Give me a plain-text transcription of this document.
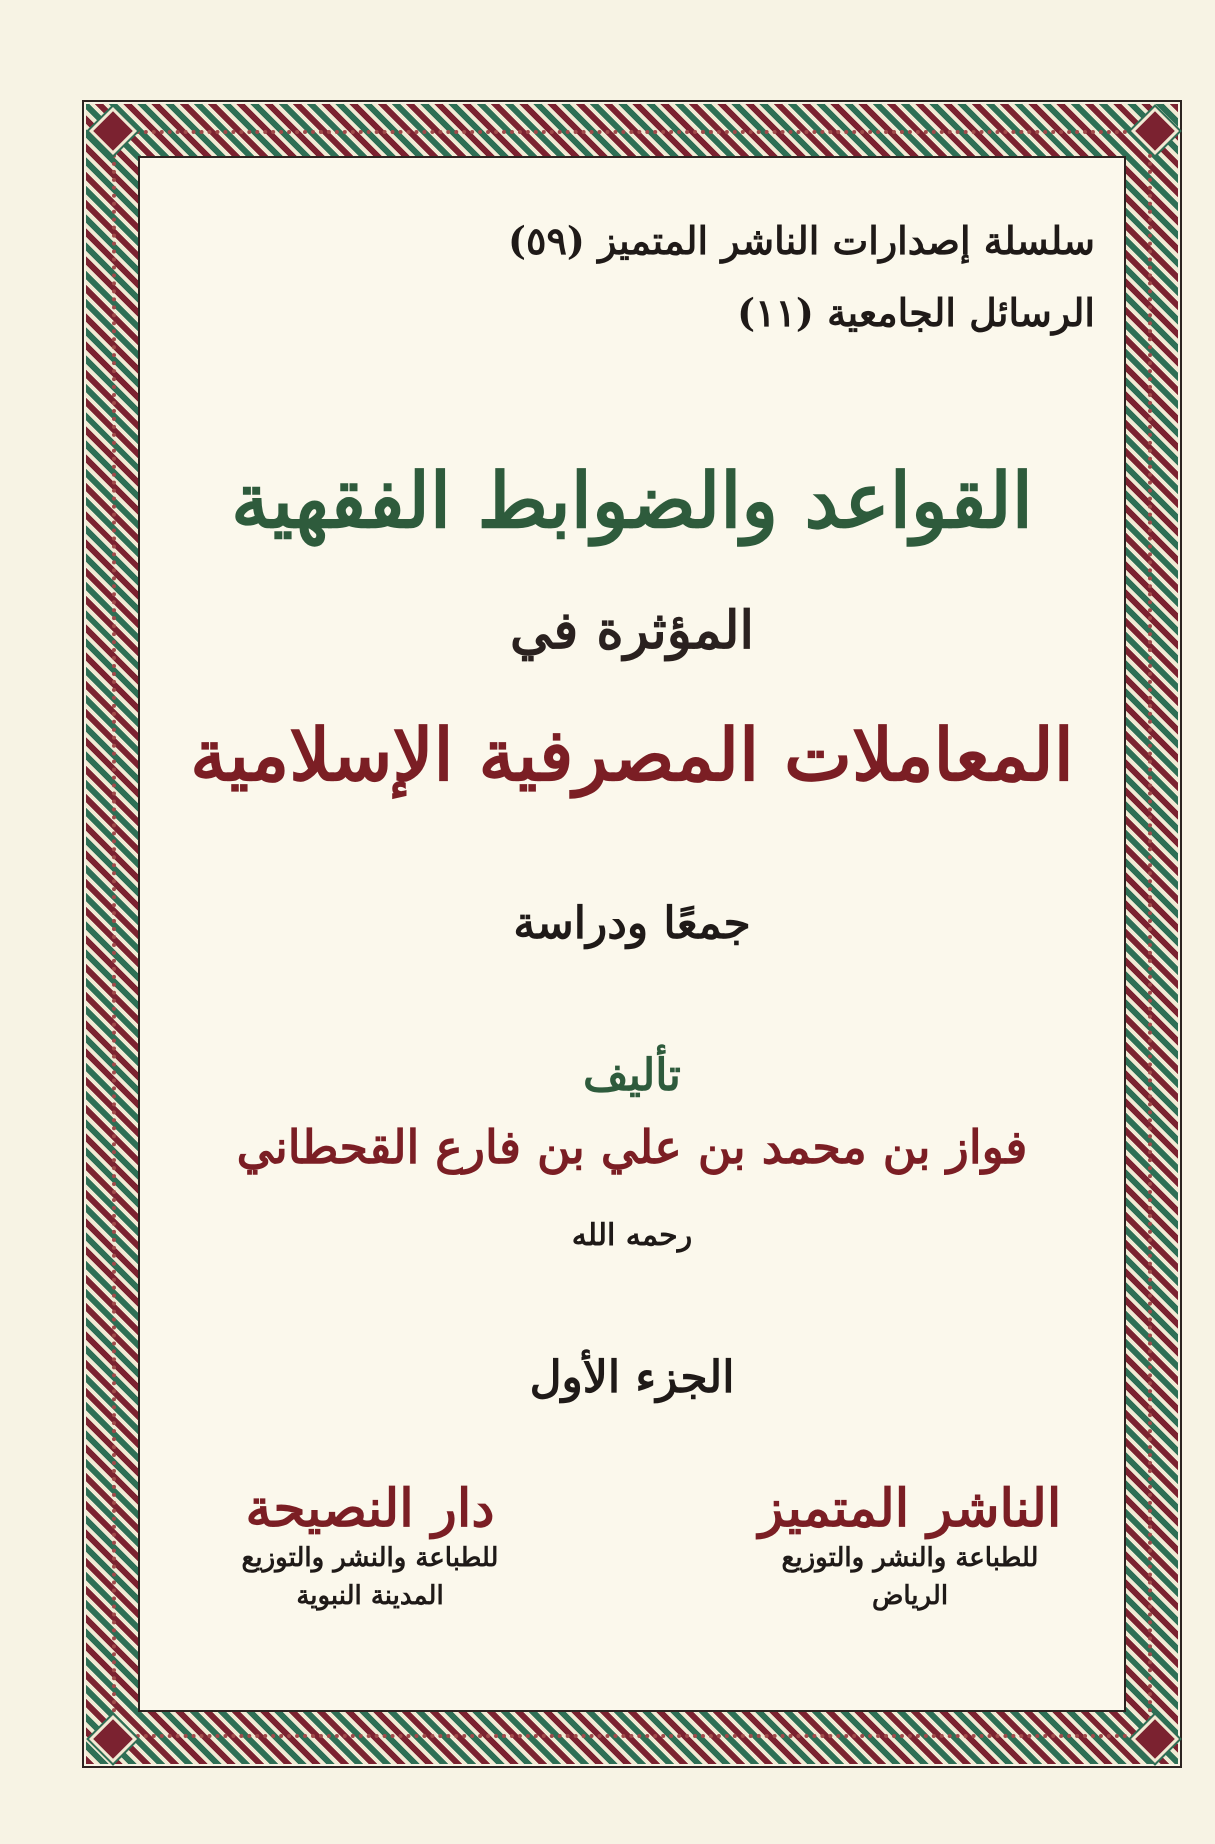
سلسلة إصدارات الناشر المتميز (٥٩)
الرسائل الجامعية (١١)
القواعد والضوابط الفقهية
المؤثرة في
المعاملات المصرفية الإسلامية
جمعًا ودراسة
تأليف
فواز بن محمد بن علي بن فارع القحطاني
رحمه الله
الجزء الأول
الناشر المتميز
للطباعة والنشر والتوزيع
الرياض
دار النصيحة
للطباعة والنشر والتوزيع
المدينة النبوية
